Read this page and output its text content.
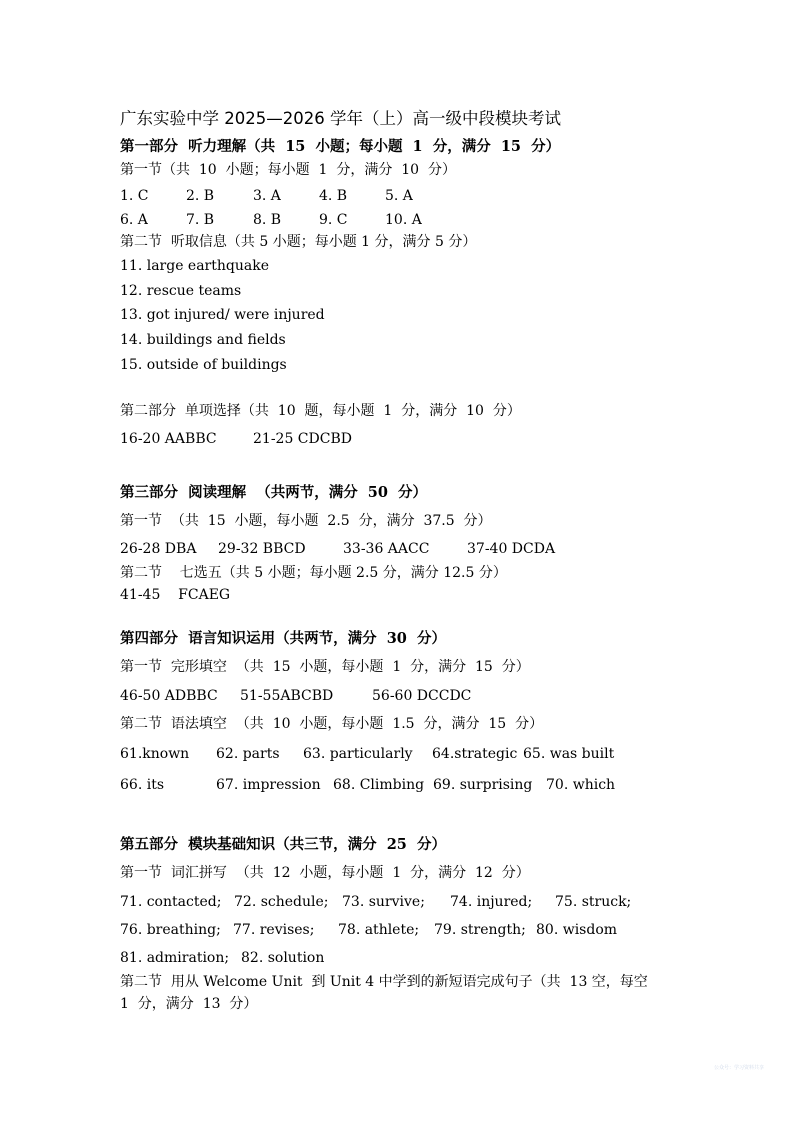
广东实验中学 2025—2026 学年（上）高一级中段模块考试
第一部分  听力理解（共  15  小题；每小题  1  分，满分  15  分）
第一节（共  10  小题；每小题  1  分，满分  10  分）
1. C	2. B	3. A	4. B	5. A
6. A	7. B	8. B	9. C	10. A
第二节  听取信息（共 5 小题；每小题 1 分，满分 5 分）
11. large earthquake
12. rescue teams
13. got injured/ were injured
14. buildings and fields
15. outside of buildings
第二部分  单项选择（共  10  题，每小题  1  分，满分  10  分）
16-20 AABBC	21-25 CDCBD
第三部分  阅读理解  （共两节，满分  50  分）
第一节  （共  15  小题，每小题  2.5  分，满分  37.5  分）
26-28 DBA 29-32 BBCD	33-36 AACC	37-40 DCDA
第二节    七选五（共 5 小题；每小题 2.5 分，满分 12.5 分）
41-45    FCAEG
第四部分  语言知识运用（共两节，满分  30  分）
第一节  完形填空  （共  15  小题，每小题  1  分，满分  15  分）
46-50 ADBBC 51-55ABCBD	56-60 DCCDC
第二节  语法填空  （共  10  小题，每小题  1.5  分，满分  15  分）
61.known 62. parts 63. particularly 64.strategic 65. was built
66. its	67. impression 68. Climbing 69. surprising 70. which
第五部分  模块基础知识（共三节，满分  25  分）
第一节  词汇拼写  （共  12  小题，每小题  1  分，满分  12  分）
71. contacted; 72. schedule; 73. survive; 74. injured; 75. struck;
76. breathing; 77. revises; 78. athlete; 79. strength; 80. wisdom
81. admiration; 82. solution
第二节  用从 Welcome Unit  到 Unit 4 中学到的新短语完成句子（共  13 空，每空
1  分，满分  13  分）
公众号：学习资料共享
